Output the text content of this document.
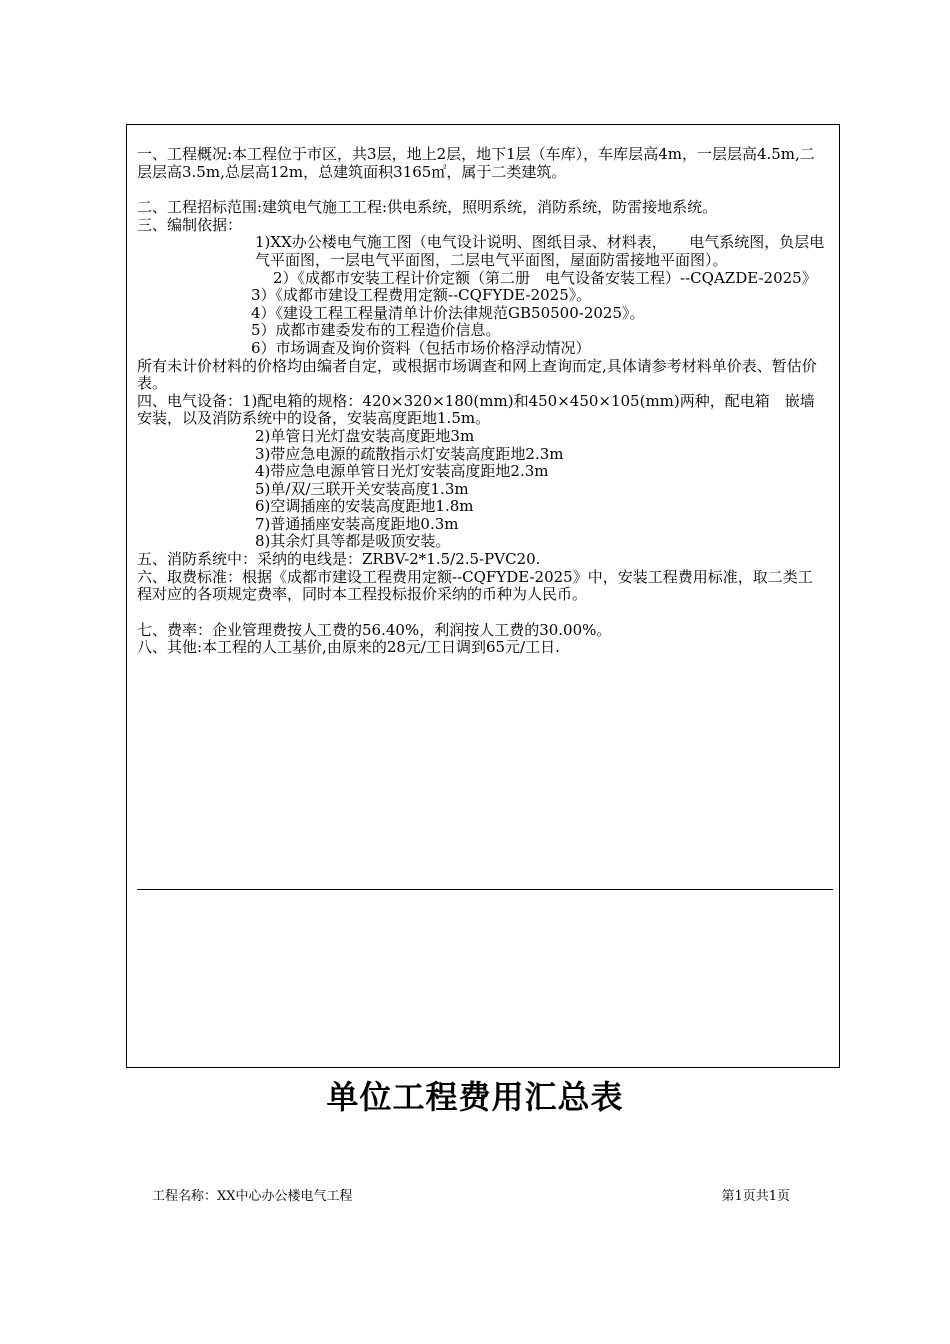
一、工程概况:本工程位于市区，共3层，地上2层，地下1层（车库），车库层高4m，一层层高4.5m,二层层高3.5m,总层高12m，总建筑面积3165㎡，属于二类建筑。

二、工程招标范围:建筑电气施工工程:供电系统，照明系统，消防系统，防雷接地系统。

三、编制依据：

1)XX办公楼电气施工图（电气设计说明、图纸目录、材料表，　　电气系统图，负层电气平面图，一层电气平面图，二层电气平面图，屋面防雷接地平面图）。

2）《成都市安装工程计价定额（第二册　电气设备安装工程）--CQAZDE-2025》

3）《成都市建设工程费用定额--CQFYDE-2025》。

4）《建设工程工程量清单计价法律规范GB50500-2025》。

5）成都市建委发布的工程造价信息。

6）市场调查及询价资料（包括市场价格浮动情况）

所有未计价材料的价格均由编者自定，或根据市场调查和网上查询而定,具体请参考材料单价表、暂估价表。

四、电气设备：1)配电箱的规格：420×320×180(mm)和450×450×105(mm)两种，配电箱　嵌墙安装，以及消防系统中的设备，安装高度距地1.5m。

2)单管日光灯盘安装高度距地3m

3)带应急电源的疏散指示灯安装高度距地2.3m

4)带应急电源单管日光灯安装高度距地2.3m

5)单/双/三联开关安装高度1.3m

6)空调插座的安装高度距地1.8m

7)普通插座安装高度距地0.3m

8)其余灯具等都是吸顶安装。

五、消防系统中：采纳的电线是：ZRBV-2*1.5/2.5-PVC20.

六、取费标准：根据《成都市建设工程费用定额--CQFYDE-2025》中，安装工程费用标准，取二类工程对应的各项规定费率，同时本工程投标报价采纳的币种为人民币。

七、费率：企业管理费按人工费的56.40%，利润按人工费的30.00%。

八、其他:本工程的人工基价,由原来的28元/工日调到65元/工日.

单位工程费用汇总表
工程名称：XX中心办公楼电气工程	第1页共1页
